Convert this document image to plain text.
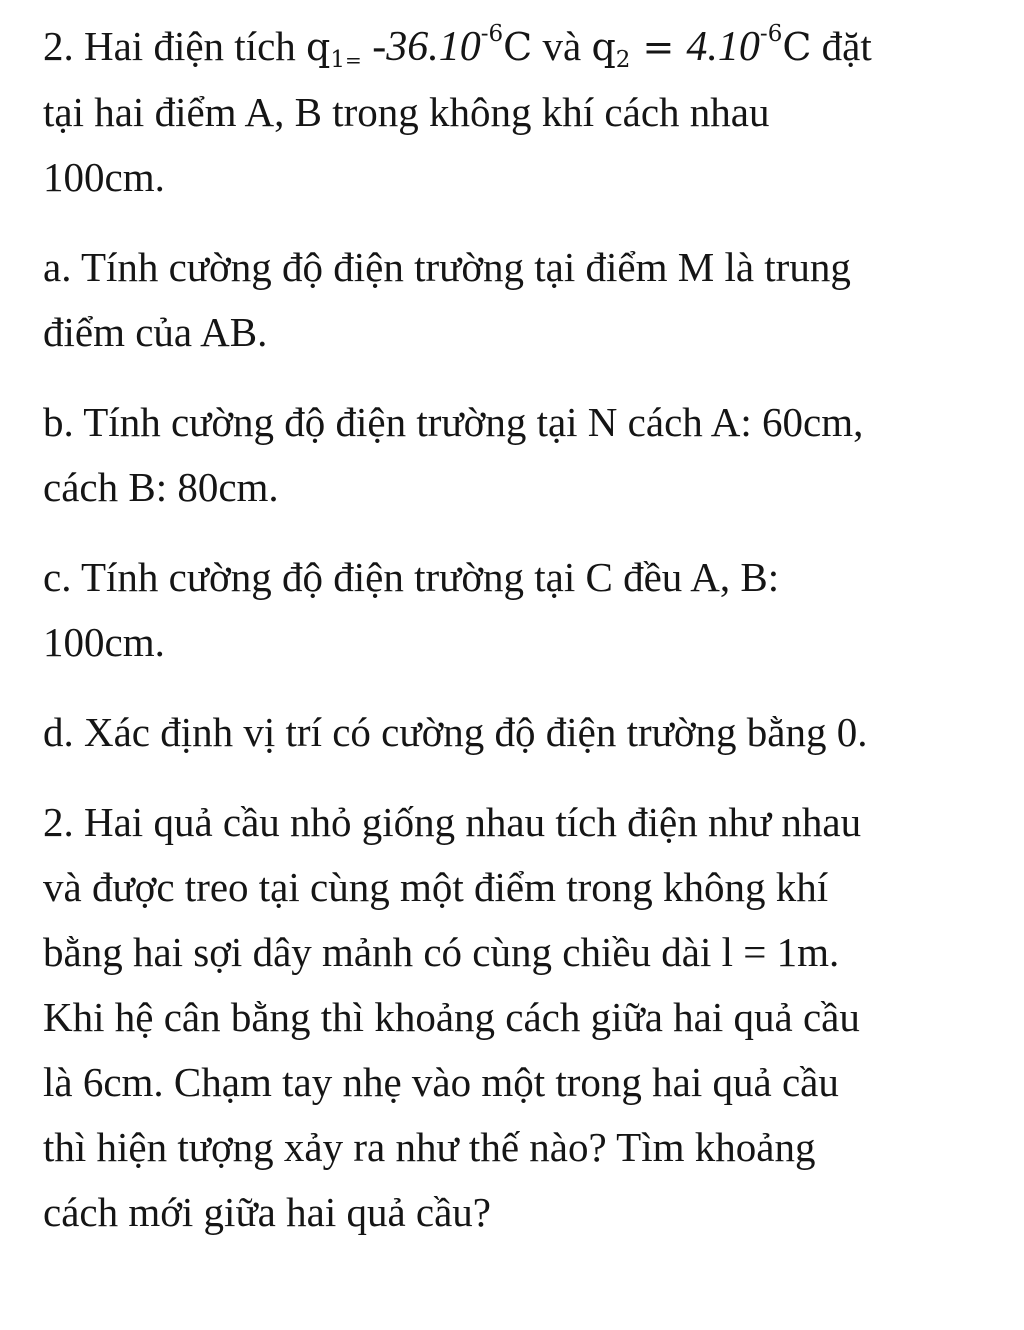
2. Hai điện tích $q_1= -36.10^{-6}C$ và $q_2 = 4.10^{-6}C$ đặt
tại hai điểm A, B trong không khí cách nhau
100cm.
a. Tính cường độ điện trường tại điểm M là trung
điểm của AB.
b. Tính cường độ điện trường tại N cách A: 60cm,
cách B: 80cm.
c. Tính cường độ điện trường tại C đều A, B:
100cm.
d. Xác định vị trí có cường độ điện trường bằng 0.
2. Hai quả cầu nhỏ giống nhau tích điện như nhau
và được treo tại cùng một điểm trong không khí
bằng hai sợi dây mảnh có cùng chiều dài l = 1m.
Khi hệ cân bằng thì khoảng cách giữa hai quả cầu
là 6cm. Chạm tay nhẹ vào một trong hai quả cầu
thì hiện tượng xảy ra như thế nào? Tìm khoảng
cách mới giữa hai quả cầu?
